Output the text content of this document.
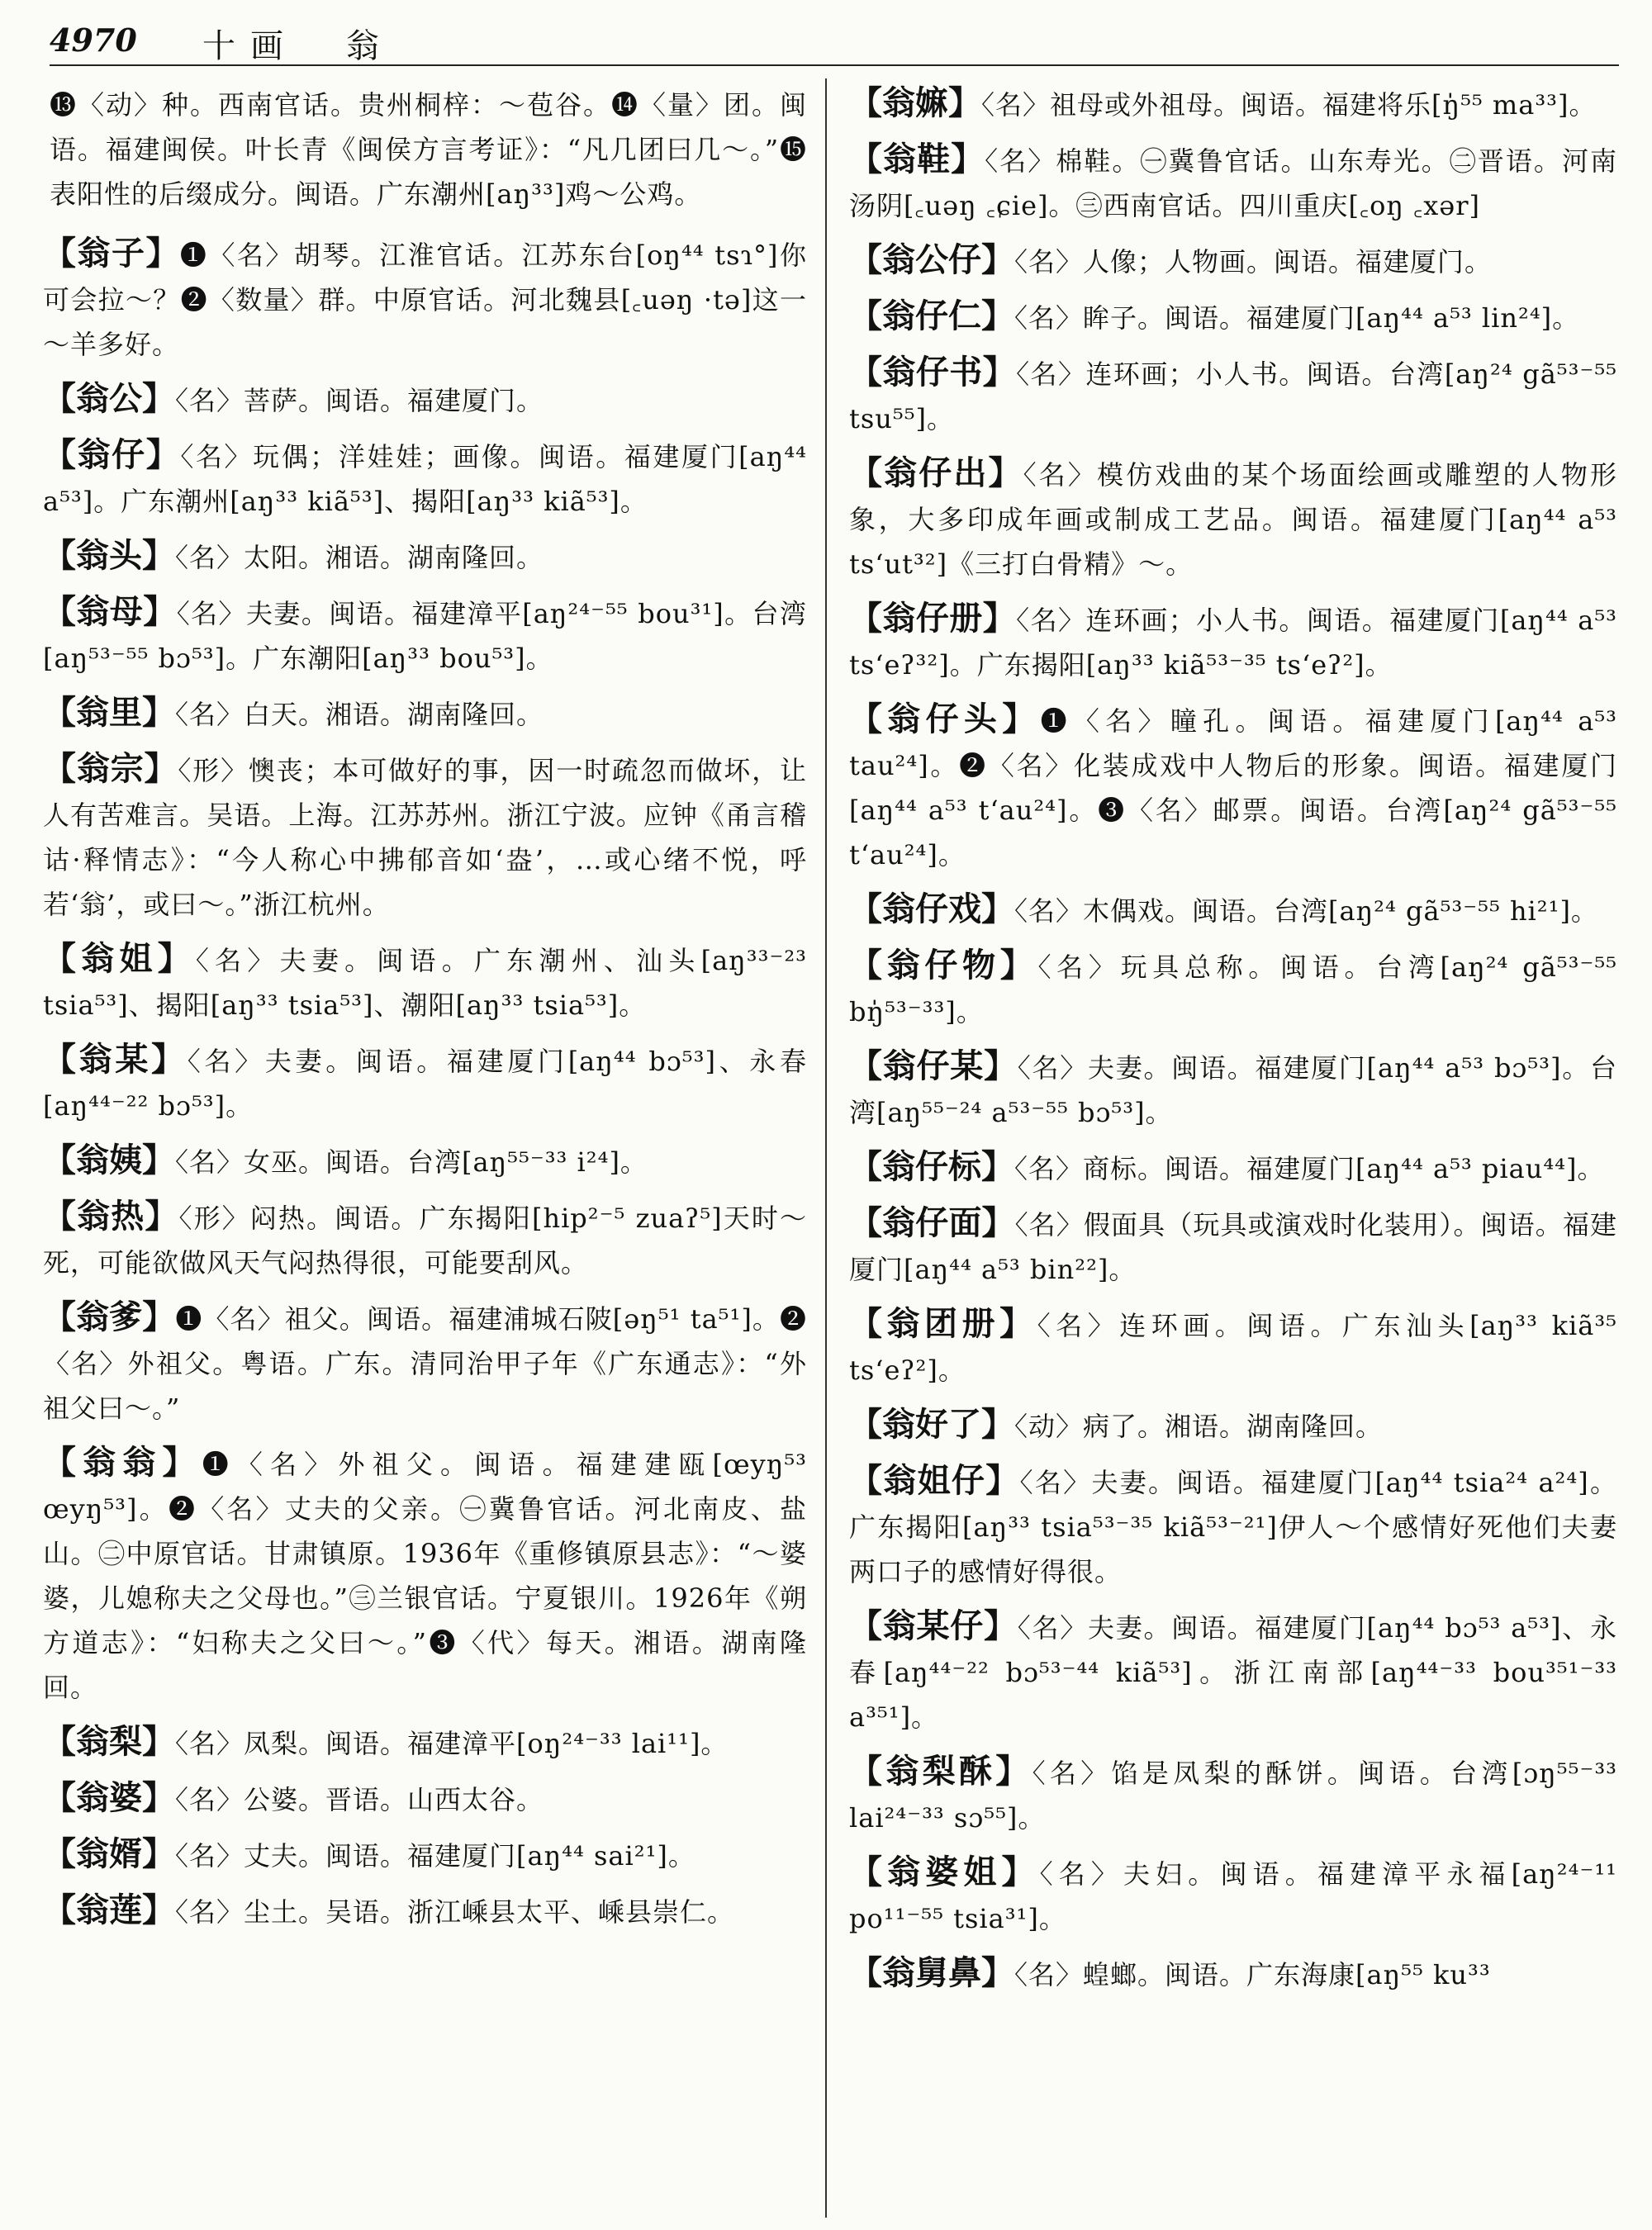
4970 十画　翁
⓭〈动〉种。西南官话。贵州桐梓：～苞谷。⓮〈量〉团。闽语。福建闽侯。叶长青《闽侯方言考证》：“凡几团曰几～。”⓯表阳性的后缀成分。闽语。广东潮州[aŋ³³]鸡～公鸡。
【翁子】❶〈名〉胡琴。江淮官话。江苏东台[oŋ⁴⁴ tsɿ°]你可会拉～？❷〈数量〉群。中原官话。河北魏县[꜀uəŋ ·tə]这一～羊多好。
【翁公】〈名〉菩萨。闽语。福建厦门。
【翁仔】〈名〉玩偶；洋娃娃；画像。闽语。福建厦门[aŋ⁴⁴ a⁵³]。广东潮州[aŋ³³ kiã⁵³]、揭阳[aŋ³³ kiã⁵³]。
【翁头】〈名〉太阳。湘语。湖南隆回。
【翁母】〈名〉夫妻。闽语。福建漳平[aŋ²⁴⁻⁵⁵ bou³¹]。台湾[aŋ⁵³⁻⁵⁵ bɔ⁵³]。广东潮阳[aŋ³³ bou⁵³]。
【翁里】〈名〉白天。湘语。湖南隆回。
【翁宗】〈形〉懊丧；本可做好的事，因一时疏忽而做坏，让人有苦难言。吴语。上海。江苏苏州。浙江宁波。应钟《甬言稽诂·释情志》：“今人称心中拂郁音如‘盎’，…或心绪不悦，呼若‘翁’，或曰～。”浙江杭州。
【翁姐】〈名〉夫妻。闽语。广东潮州、汕头[aŋ³³⁻²³ tsia⁵³]、揭阳[aŋ³³ tsia⁵³]、潮阳[aŋ³³ tsia⁵³]。
【翁某】〈名〉夫妻。闽语。福建厦门[aŋ⁴⁴ bɔ⁵³]、永春[aŋ⁴⁴⁻²² bɔ⁵³]。
【翁姨】〈名〉女巫。闽语。台湾[aŋ⁵⁵⁻³³ i²⁴]。
【翁热】〈形〉闷热。闽语。广东揭阳[hip²⁻⁵ zuaʔ⁵]天时～死，可能欲做风天气闷热得很，可能要刮风。
【翁爹】❶〈名〉祖父。闽语。福建浦城石陂[əŋ⁵¹ ta⁵¹]。❷〈名〉外祖父。粤语。广东。清同治甲子年《广东通志》：“外祖父曰～。”
【翁翁】❶〈名〉外祖父。闽语。福建建瓯[œyŋ⁵³ œyŋ⁵³]。❷〈名〉丈夫的父亲。㊀冀鲁官话。河北南皮、盐山。㊁中原官话。甘肃镇原。1936年《重修镇原县志》：“～婆婆，儿媳称夫之父母也。”㊂兰银官话。宁夏银川。1926年《朔方道志》：“妇称夫之父曰～。”❸〈代〉每天。湘语。湖南隆回。
【翁梨】〈名〉凤梨。闽语。福建漳平[oŋ²⁴⁻³³ lai¹¹]。
【翁婆】〈名〉公婆。晋语。山西太谷。
【翁婿】〈名〉丈夫。闽语。福建厦门[aŋ⁴⁴ sai²¹]。
【翁莲】〈名〉尘土。吴语。浙江嵊县太平、嵊县崇仁。
【翁嫲】〈名〉祖母或外祖母。闽语。福建将乐[ŋ̍⁵⁵ ma³³]。
【翁鞋】〈名〉棉鞋。㊀冀鲁官话。山东寿光。㊁晋语。河南汤阴[꜀uəŋ ꜀ɕie]。㊂西南官话。四川重庆[꜀oŋ ꜀xər]
【翁公仔】〈名〉人像；人物画。闽语。福建厦门。
【翁仔仁】〈名〉眸子。闽语。福建厦门[aŋ⁴⁴ a⁵³ lin²⁴]。
【翁仔书】〈名〉连环画；小人书。闽语。台湾[aŋ²⁴ gã⁵³⁻⁵⁵ tsu⁵⁵]。
【翁仔出】〈名〉模仿戏曲的某个场面绘画或雕塑的人物形象，大多印成年画或制成工艺品。闽语。福建厦门[aŋ⁴⁴ a⁵³ ts‘ut³²]《三打白骨精》～。
【翁仔册】〈名〉连环画；小人书。闽语。福建厦门[aŋ⁴⁴ a⁵³ ts‘eʔ³²]。广东揭阳[aŋ³³ kiã⁵³⁻³⁵ ts‘eʔ²]。
【翁仔头】❶〈名〉瞳孔。闽语。福建厦门[aŋ⁴⁴ a⁵³ tau²⁴]。❷〈名〉化装成戏中人物后的形象。闽语。福建厦门[aŋ⁴⁴ a⁵³ t‘au²⁴]。❸〈名〉邮票。闽语。台湾[aŋ²⁴ gã⁵³⁻⁵⁵ t‘au²⁴]。
【翁仔戏】〈名〉木偶戏。闽语。台湾[aŋ²⁴ gã⁵³⁻⁵⁵ hi²¹]。
【翁仔物】〈名〉玩具总称。闽语。台湾[aŋ²⁴ gã⁵³⁻⁵⁵ bŋ̍⁵³⁻³³]。
【翁仔某】〈名〉夫妻。闽语。福建厦门[aŋ⁴⁴ a⁵³ bɔ⁵³]。台湾[aŋ⁵⁵⁻²⁴ a⁵³⁻⁵⁵ bɔ⁵³]。
【翁仔标】〈名〉商标。闽语。福建厦门[aŋ⁴⁴ a⁵³ piau⁴⁴]。
【翁仔面】〈名〉假面具（玩具或演戏时化装用）。闽语。福建厦门[aŋ⁴⁴ a⁵³ bin²²]。
【翁团册】〈名〉连环画。闽语。广东汕头[aŋ³³ kiã³⁵ ts‘eʔ²]。
【翁好了】〈动〉病了。湘语。湖南隆回。
【翁姐仔】〈名〉夫妻。闽语。福建厦门[aŋ⁴⁴ tsia²⁴ a²⁴]。广东揭阳[aŋ³³ tsia⁵³⁻³⁵ kiã⁵³⁻²¹]伊人～个感情好死他们夫妻两口子的感情好得很。
【翁某仔】〈名〉夫妻。闽语。福建厦门[aŋ⁴⁴ bɔ⁵³ a⁵³]、永春[aŋ⁴⁴⁻²² bɔ⁵³⁻⁴⁴ kiã⁵³]。浙江南部[aŋ⁴⁴⁻³³ bou³⁵¹⁻³³ a³⁵¹]。
【翁梨酥】〈名〉馅是凤梨的酥饼。闽语。台湾[ɔŋ⁵⁵⁻³³ lai²⁴⁻³³ sɔ⁵⁵]。
【翁婆姐】〈名〉夫妇。闽语。福建漳平永福[aŋ²⁴⁻¹¹ po¹¹⁻⁵⁵ tsia³¹]。
【翁舅鼻】〈名〉蝗螂。闽语。广东海康[aŋ⁵⁵ ku³³
